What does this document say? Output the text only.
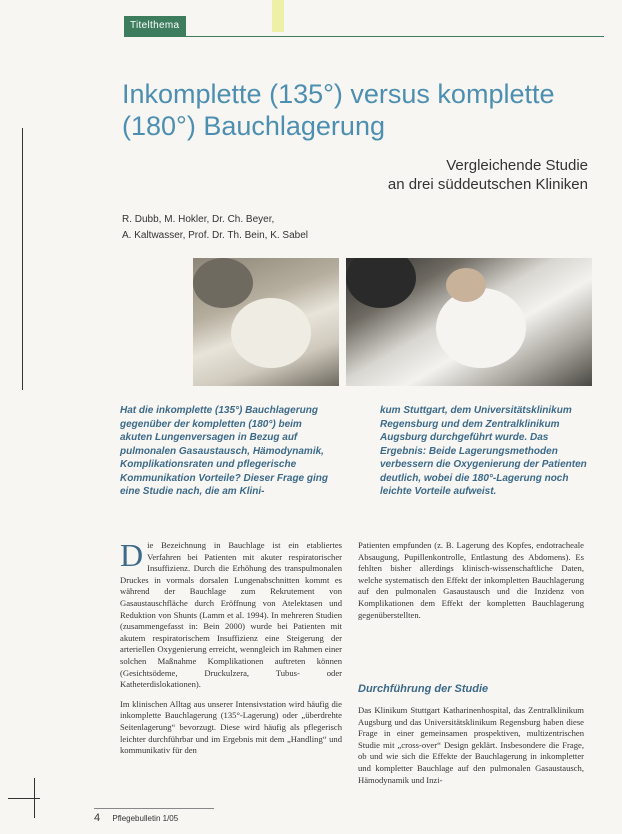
Titelthema
Inkomplette (135°) versus komplette (180°) Bauchlagerung
Vergleichende Studie
an drei süddeutschen Kliniken
R. Dubb, M. Hokler, Dr. Ch. Beyer,
A. Kaltwasser, Prof. Dr. Th. Bein, K. Sabel
Hat die inkomplette (135°) Bauchlagerung gegenüber der kompletten (180°) beim akuten Lungenversagen in Bezug auf pulmonalen Gasaustausch, Hämodynamik, Komplikationsraten und pflegerische Kommunikation Vorteile? Dieser Frage ging eine Studie nach, die am Klini-
kum Stuttgart, dem Universitätsklinikum Regensburg und dem Zentralklinikum Augsburg durchgeführt wurde. Das Ergebnis: Beide Lagerungsmethoden verbessern die Oxygenierung der Patienten deutlich, wobei die 180°-Lagerung noch leichte Vorteile aufweist.

Die Bezeichnung in Bauchlage ist ein etabliertes Verfahren bei Patienten mit akuter respiratorischer Insuffizienz. Durch die Erhöhung des transpulmonalen Druckes in vormals dorsalen Lungenabschnitten kommt es während der Bauchlage zum Rekrutement von Gasaustauschfläche durch Eröffnung von Atelektasen und Reduktion von Shunts (Lamm et al. 1994). In mehreren Studien (zusammengefasst in: Bein 2000) wurde bei Patienten mit akutem respiratorischem Insuffizienz eine Steigerung der arteriellen Oxygenierung erreicht, wenngleich im Rahmen einer solchen Maßnahme Komplikationen auftreten können (Gesichtsödeme, Druckulzera, Tubus- oder Katheterdislokationen).

Im klinischen Alltag aus unserer Intensivstation wird häufig die inkomplette Bauchlagerung (135°-Lagerung) oder „überdrehte Seitenlagerung“ bevorzugt. Diese wird häufig als pflegerisch leichter durchführbar und im Ergebnis mit dem „Handling“ und kommunikativ für den

Patienten empfunden (z. B. Lagerung des Kopfes, endotracheale Absaugung, Pupillenkontrolle, Entlastung des Abdomens). Es fehlten bisher allerdings klinisch-wissenschaftliche Daten, welche systematisch den Effekt der inkompletten Bauchlagerung auf den pulmonalen Gasaustausch und die Inzidenz von Komplikationen dem Effekt der kompletten Bauchlagerung gegenüberstellten.

Durchführung der Studie

Das Klinikum Stuttgart Katharinenhospital, das Zentralklinikum Augsburg und das Universitätsklinikum Regensburg haben diese Frage in einer gemeinsamen prospektiven, multizentrischen Studie mit „cross-over“ Design geklärt. Insbesondere die Frage, ob und wie sich die Effekte der Bauchlagerung in inkompletter und kompletter Bauchlage auf den pulmonalen Gasaustausch, Hämodynamik und Inzi-

4 Pflegebulletin 1/05
